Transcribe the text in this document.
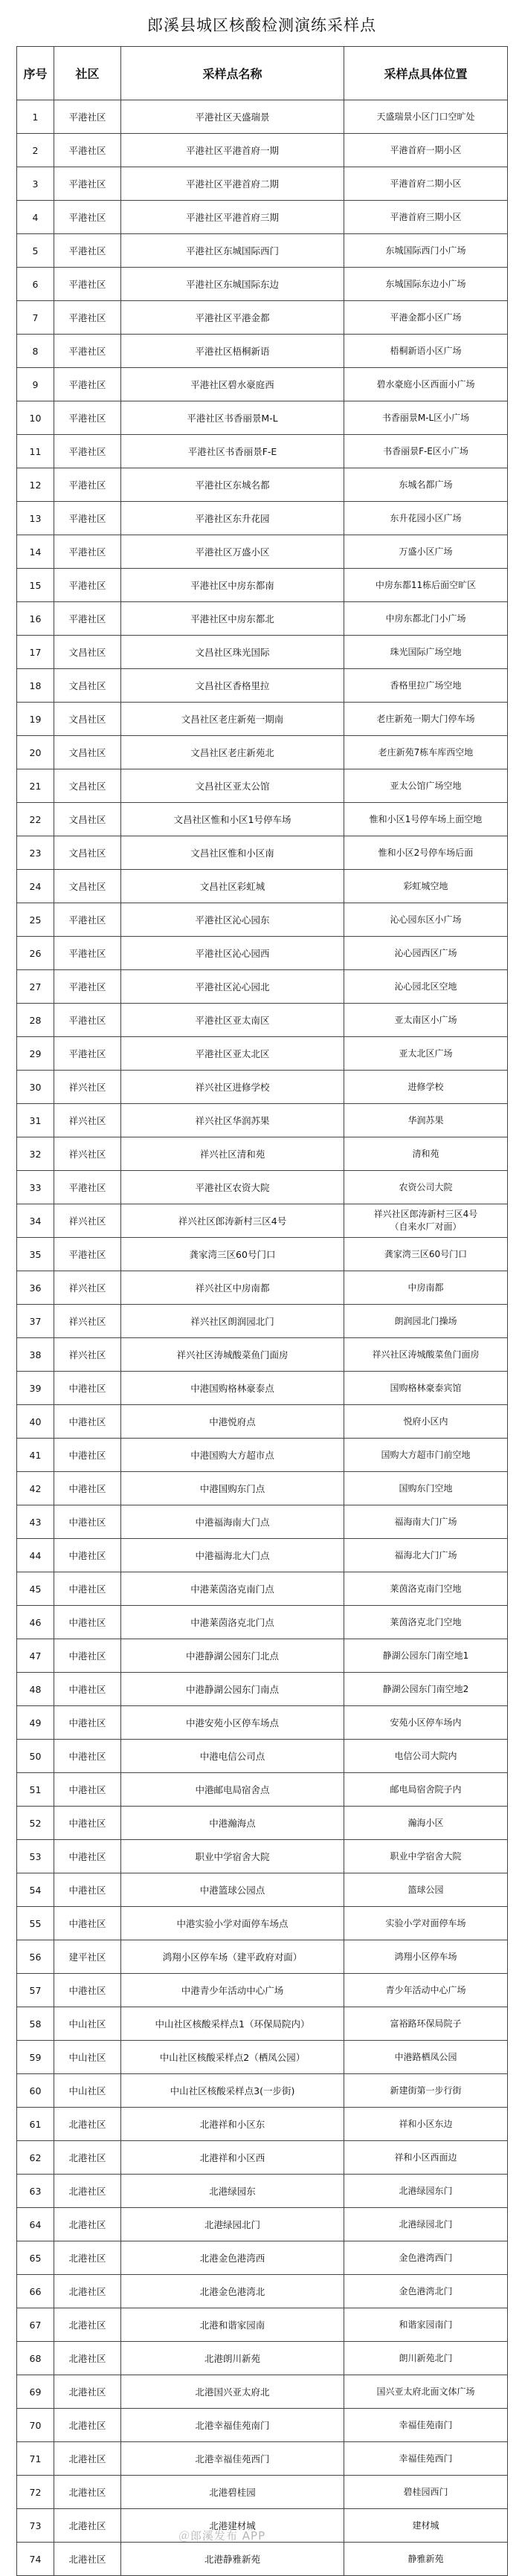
郎溪县城区核酸检测演练采样点
序号	社区	采样点名称	采样点具体位置
1	平港社区	平港社区天盛瑞景	天盛瑞景小区门口空旷处
2	平港社区	平港社区平港首府一期	平港首府一期小区
3	平港社区	平港社区平港首府二期	平港首府二期小区
4	平港社区	平港社区平港首府三期	平港首府三期小区
5	平港社区	平港社区东城国际西门	东城国际西门小广场
6	平港社区	平港社区东城国际东边	东城国际东边小广场
7	平港社区	平港社区平港金都	平港金都小区广场
8	平港社区	平港社区梧桐新语	梧桐新语小区广场
9	平港社区	平港社区碧水豪庭西	碧水豪庭小区西面小广场
10	平港社区	平港社区书香丽景M-L	书香丽景M-L区小广场
11	平港社区	平港社区书香丽景F-E	书香丽景F-E区小广场
12	平港社区	平港社区东城名都	东城名都广场
13	平港社区	平港社区东升花园	东升花园小区广场
14	平港社区	平港社区万盛小区	万盛小区广场
15	平港社区	平港社区中房东都南	中房东都11栋后面空旷区
16	平港社区	平港社区中房东都北	中房东都北门小广场
17	文昌社区	文昌社区珠光国际	珠光国际广场空地
18	文昌社区	文昌社区香格里拉	香格里拉广场空地
19	文昌社区	文昌社区老庄新苑一期南	老庄新苑一期大门停车场
20	文昌社区	文昌社区老庄新苑北	老庄新苑7栋车库西空地
21	文昌社区	文昌社区亚太公馆	亚太公馆广场空地
22	文昌社区	文昌社区惟和小区1号停车场	惟和小区1号停车场上面空地
23	文昌社区	文昌社区惟和小区南	惟和小区2号停车场后面
24	文昌社区	文昌社区彩虹城	彩虹城空地
25	平港社区	平港社区沁心园东	沁心园东区小广场
26	平港社区	平港社区沁心园西	沁心园西区广场
27	平港社区	平港社区沁心园北	沁心园北区空地
28	平港社区	平港社区亚太南区	亚太南区小广场
29	平港社区	平港社区亚太北区	亚太北区广场
30	祥兴社区	祥兴社区进修学校	进修学校
31	祥兴社区	祥兴社区华润苏果	华润苏果
32	祥兴社区	祥兴社区清和苑	清和苑
33	平港社区	平港社区农资大院	农资公司大院
34	祥兴社区	祥兴社区郎涛新村三区4号	祥兴社区郎涛新村三区4号
（自来水厂对面）
35	平港社区	龚家湾三区60号门口	龚家湾三区60号门口
36	祥兴社区	祥兴社区中房南都	中房南都
37	祥兴社区	祥兴社区朗润园北门	朗润园北门操场
38	祥兴社区	祥兴社区涛城酸菜鱼门面房	祥兴社区涛城酸菜鱼门面房
39	中港社区	中港国购格林豪泰点	国购格林豪泰宾馆
40	中港社区	中港悦府点	悦府小区内
41	中港社区	中港国购大方超市点	国购大方超市门前空地
42	中港社区	中港国购东门点	国购东门空地
43	中港社区	中港福海南大门点	福海南大门广场
44	中港社区	中港福海北大门点	福海北大门广场
45	中港社区	中港莱茵洛克南门点	莱茵洛克南门空地
46	中港社区	中港莱茵洛克北门点	莱茵洛克北门空地
47	中港社区	中港静湖公园东门北点	静湖公园东门南空地1
48	中港社区	中港静湖公园东门南点	静湖公园东门南空地2
49	中港社区	中港安苑小区停车场点	安苑小区停车场内
50	中港社区	中港电信公司点	电信公司大院内
51	中港社区	中港邮电局宿舍点	邮电局宿舍院子内
52	中港社区	中港瀚海点	瀚海小区
53	中港社区	职业中学宿舍大院	职业中学宿舍大院
54	中港社区	中港篮球公园点	篮球公园
55	中港社区	中港实验小学对面停车场点	实验小学对面停车场
56	建平社区	鸿翔小区停车场（建平政府对面）	鸿翔小区停车场
57	中港社区	中港青少年活动中心广场	青少年活动中心广场
58	中山社区	中山社区核酸采样点1（环保局院内）	富裕路环保局院子
59	中山社区	中山社区核酸采样点2（栖凤公园）	中港路栖凤公园
60	中山社区	中山社区核酸采样点3(一步街)	新建街第一步行街
61	北港社区	北港祥和小区东	祥和小区东边
62	北港社区	北港祥和小区西	祥和小区西面边
63	北港社区	北港绿园东	北港绿园东门
64	北港社区	北港绿园北门	北港绿园北门
65	北港社区	北港金色港湾西	金色港湾西门
66	北港社区	北港金色港湾北	金色港湾北门
67	北港社区	北港和谐家园南	和谐家园南门
68	北港社区	北港朗川新苑	朗川新苑北门
69	北港社区	北港国兴亚太府北	国兴亚太府北面文体广场
70	北港社区	北港幸福佳苑南门	幸福佳苑南门
71	北港社区	北港幸福佳苑西门	幸福佳苑西门
72	北港社区	北港碧桂园	碧桂园西门
73	北港社区	北港建材城	建材城
74	北港社区	北港静雅新苑	静雅新苑
＠郎溪发布 APP
